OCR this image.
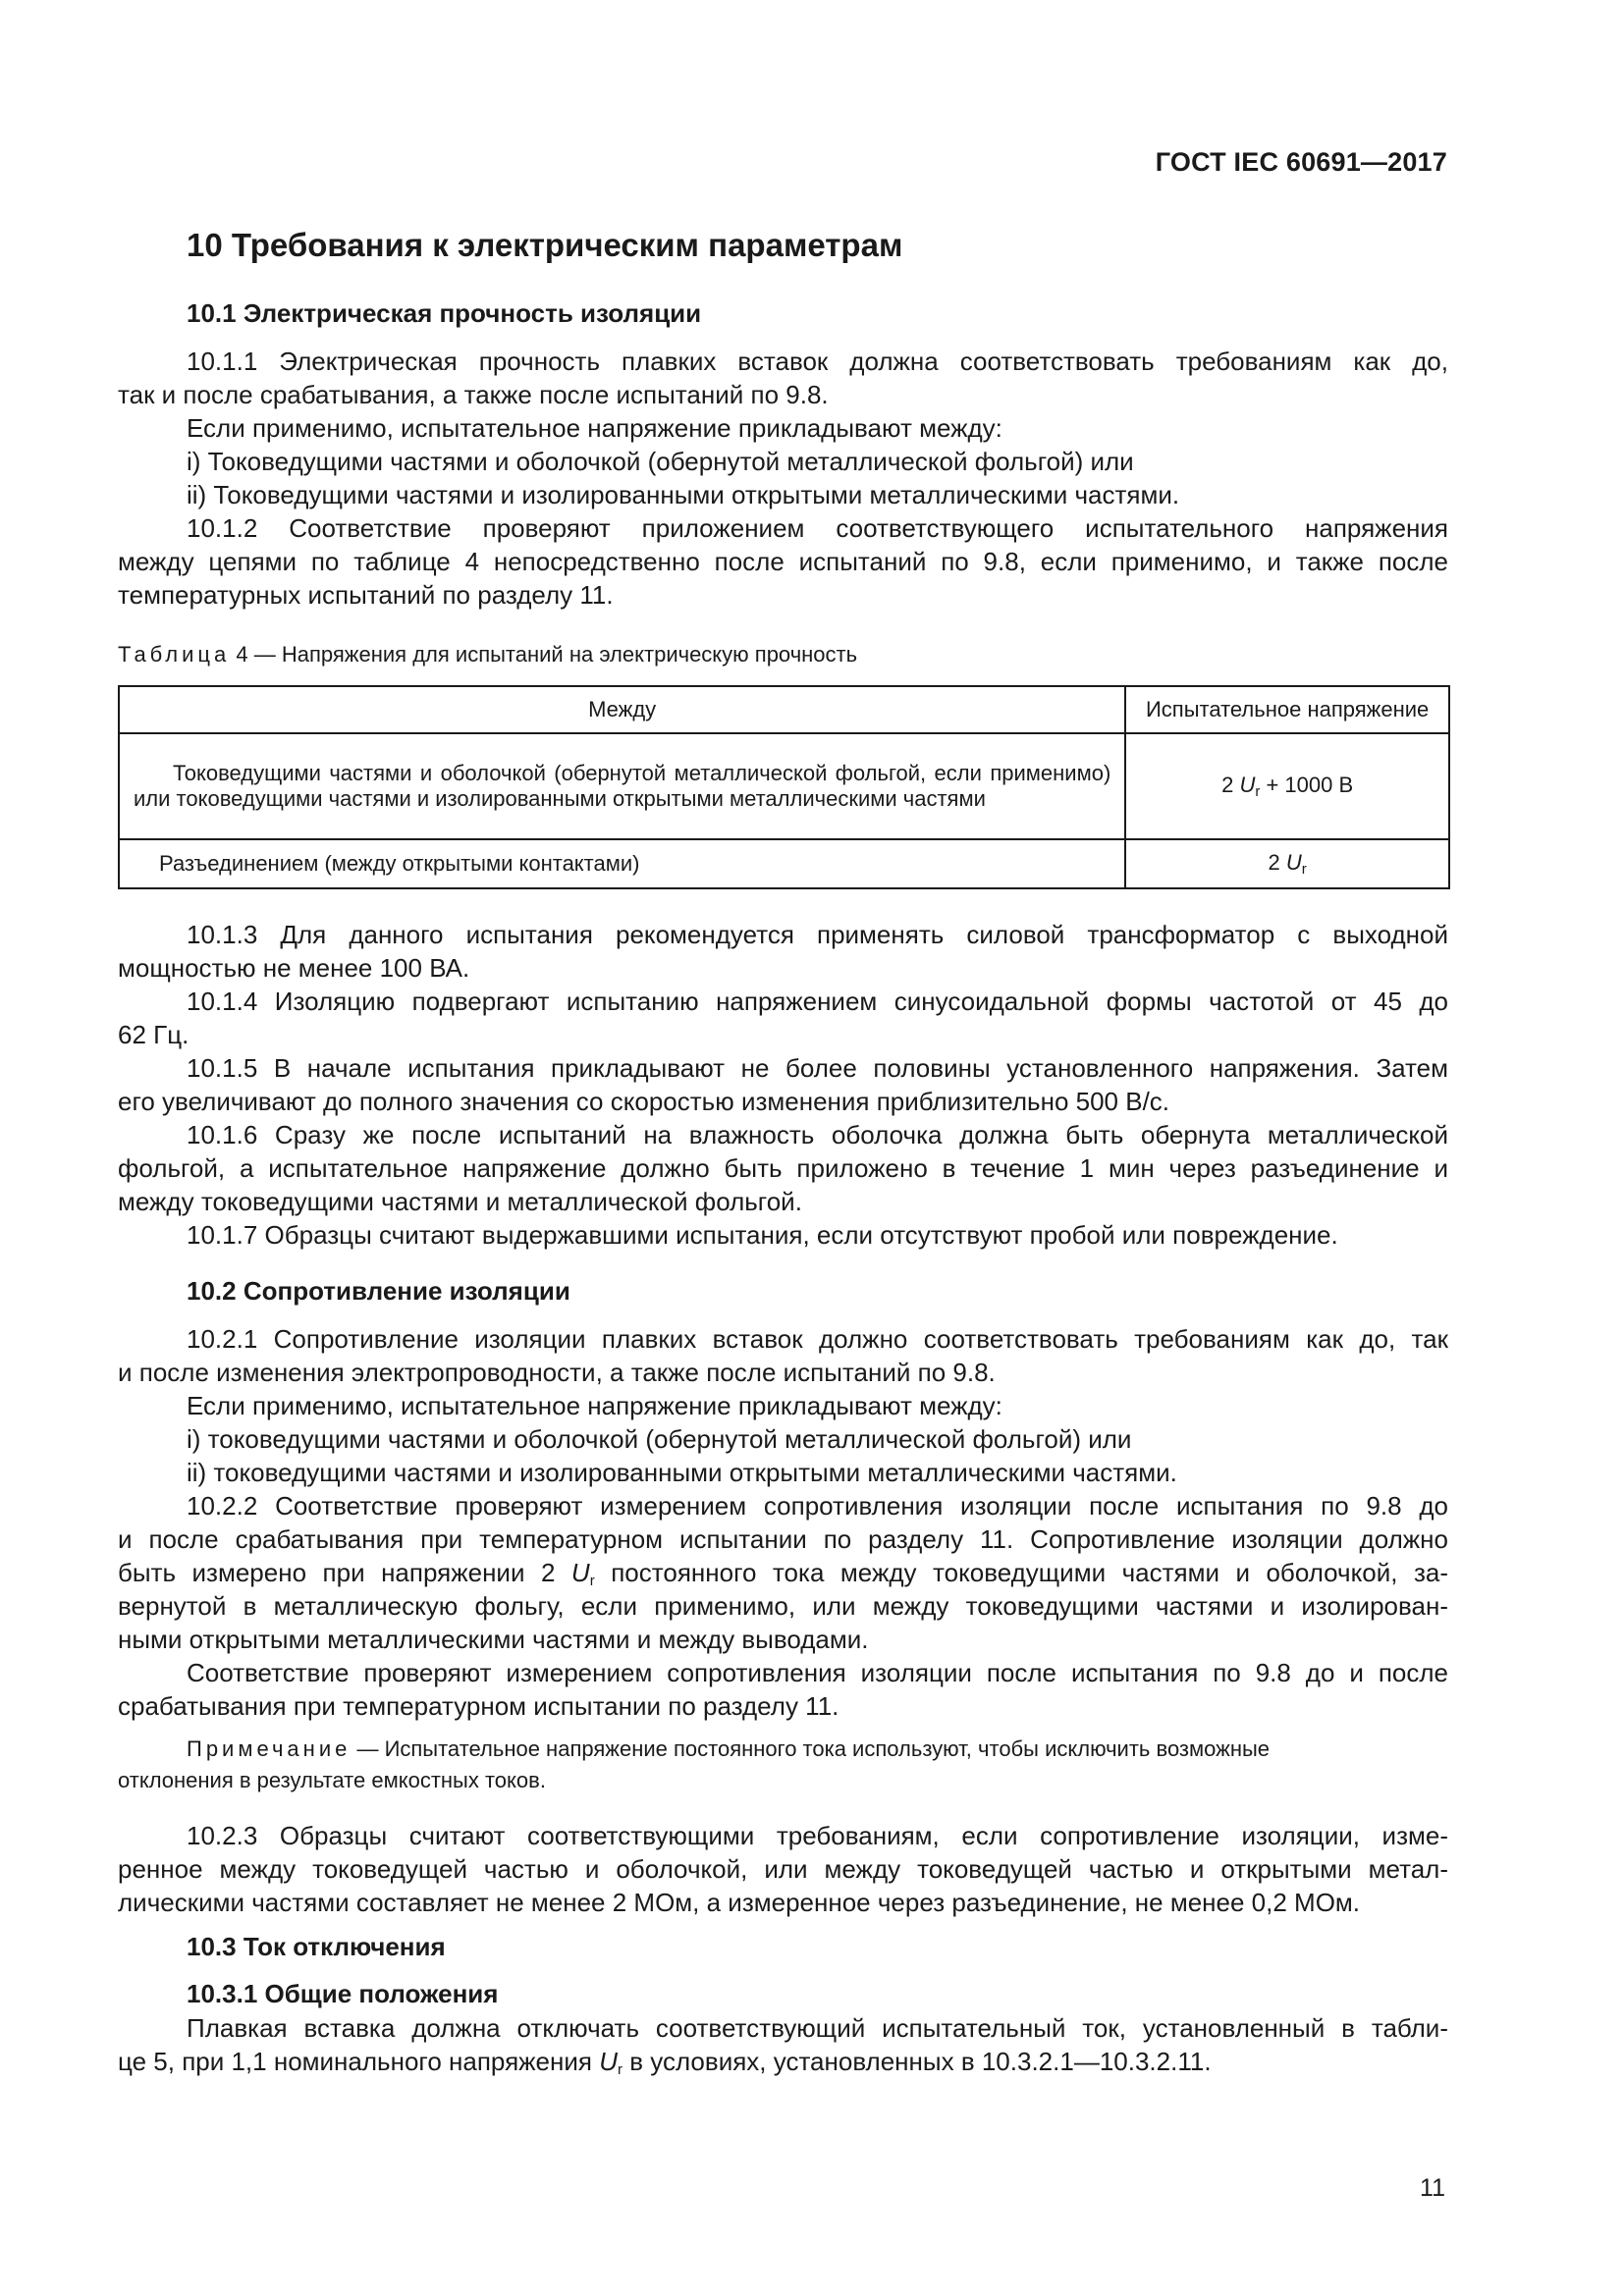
ГОСТ IEC 60691—2017
10 Требования к электрическим параметрам
10.1 Электрическая прочность изоляции
10.1.1 Электрическая прочность плавких вставок должна соответствовать требованиям как до,
так и после срабатывания, а также после испытаний по 9.8.
Если применимо, испытательное напряжение прикладывают между:
i) Токоведущими частями и оболочкой (обернутой металлической фольгой) или
ii) Токоведущими частями и изолированными открытыми металлическими частями.
10.1.2 Соответствие проверяют приложением соответствующего испытательного напряжения
между цепями по таблице 4 непосредственно после испытаний по 9.8, если применимо, и также после
температурных испытаний по разделу 11.
Таблица 4 — Напряжения для испытаний на электрическую прочность
Между	Испытательное напряжение
Токоведущими частями и оболочкой (обернутой металлической фольгой, если применимо) или токоведущими частями и изолированными открытыми металлическими частями	2 $U_r + 1000$ В
Разъединением (между открытыми контактами)	2 $U_r$
10.1.3 Для данного испытания рекомендуется применять силовой трансформатор с выходной
мощностью не менее 100 ВА.
10.1.4 Изоляцию подвергают испытанию напряжением синусоидальной формы частотой от 45 до
62 Гц.
10.1.5 В начале испытания прикладывают не более половины установленного напряжения. Затем
его увеличивают до полного значения со скоростью изменения приблизительно 500 В/с.
10.1.6 Сразу же после испытаний на влажность оболочка должна быть обернута металлической
фольгой, а испытательное напряжение должно быть приложено в течение 1 мин через разъединение и
между токоведущими частями и металлической фольгой.
10.1.7 Образцы считают выдержавшими испытания, если отсутствуют пробой или повреждение.
10.2 Сопротивление изоляции
10.2.1 Сопротивление изоляции плавких вставок должно соответствовать требованиям как до, так
и после изменения электропроводности, а также после испытаний по 9.8.
Если применимо, испытательное напряжение прикладывают между:
i) токоведущими частями и оболочкой (обернутой металлической фольгой) или
ii) токоведущими частями и изолированными открытыми металлическими частями.
10.2.2 Соответствие проверяют измерением сопротивления изоляции после испытания по 9.8 до
и после срабатывания при температурном испытании по разделу 11. Сопротивление изоляции должно
быть измерено при напряжении 2 $U_r$ постоянного тока между токоведущими частями и оболочкой, за-
вернутой в металлическую фольгу, если применимо, или между токоведущими частями и изолирован-
ными открытыми металлическими частями и между выводами.
Соответствие проверяют измерением сопротивления изоляции после испытания по 9.8 до и после
срабатывания при температурном испытании по разделу 11.
Примечание — Испытательное напряжение постоянного тока используют, чтобы исключить возможные
отклонения в результате емкостных токов.
10.2.3 Образцы считают соответствующими требованиям, если сопротивление изоляции, изме-
ренное между токоведущей частью и оболочкой, или между токоведущей частью и открытыми метал-
лическими частями составляет не менее 2 МОм, а измеренное через разъединение, не менее 0,2 МОм.
10.3 Ток отключения
10.3.1 Общие положения
Плавкая вставка должна отключать соответствующий испытательный ток, установленный в табли-
це 5, при 1,1 номинального напряжения $U_r$ в условиях, установленных в 10.3.2.1—10.3.2.11.
11
